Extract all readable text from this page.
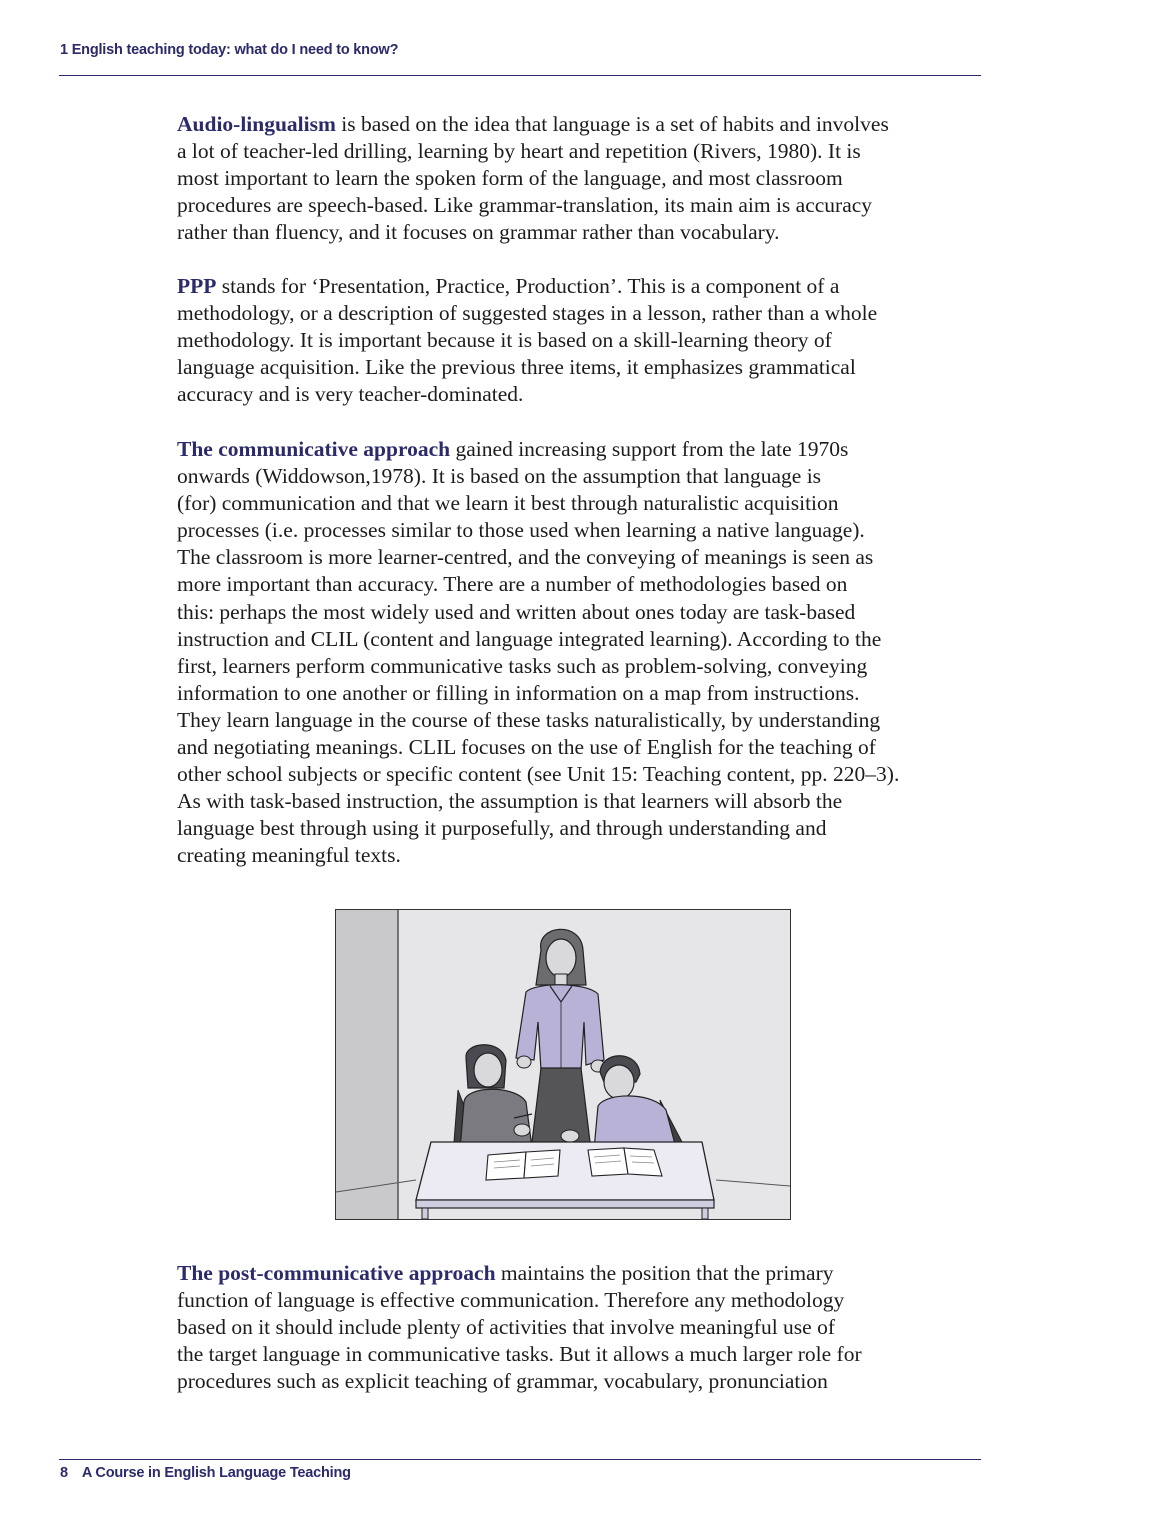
1 English teaching today: what do I need to know?
Audio-lingualism is based on the idea that language is a set of habits and involves
a lot of teacher-led drilling, learning by heart and repetition (Rivers, 1980). It is
most important to learn the spoken form of the language, and most classroom
procedures are speech-based. Like grammar-translation, its main aim is accuracy
rather than fluency, and it focuses on grammar rather than vocabulary.
PPP stands for ‘Presentation, Practice, Production’. This is a component of a
methodology, or a description of suggested stages in a lesson, rather than a whole
methodology. It is important because it is based on a skill-learning theory of
language acquisition. Like the previous three items, it emphasizes grammatical
accuracy and is very teacher-dominated.
The communicative approach gained increasing support from the late 1970s
onwards (Widdowson,1978). It is based on the assumption that language is
(for) communication and that we learn it best through naturalistic acquisition
processes (i.e. processes similar to those used when learning a native language).
The classroom is more learner-centred, and the conveying of meanings is seen as
more important than accuracy. There are a number of methodologies based on
this: perhaps the most widely used and written about ones today are task-based
instruction and CLIL (content and language integrated learning). According to the
first, learners perform communicative tasks such as problem-solving, conveying
information to one another or filling in information on a map from instructions.
They learn language in the course of these tasks naturalistically, by understanding
and negotiating meanings. CLIL focuses on the use of English for the teaching of
other school subjects or specific content (see Unit 15: Teaching content, pp. 220–3).
As with task-based instruction, the assumption is that learners will absorb the
language best through using it purposefully, and through understanding and
creating meaningful texts.
The post-communicative approach maintains the position that the primary
function of language is effective communication. Therefore any methodology
based on it should include plenty of activities that involve meaningful use of
the target language in communicative tasks. But it allows a much larger role for
procedures such as explicit teaching of grammar, vocabulary, pronunciation
8 A Course in English Language Teaching
